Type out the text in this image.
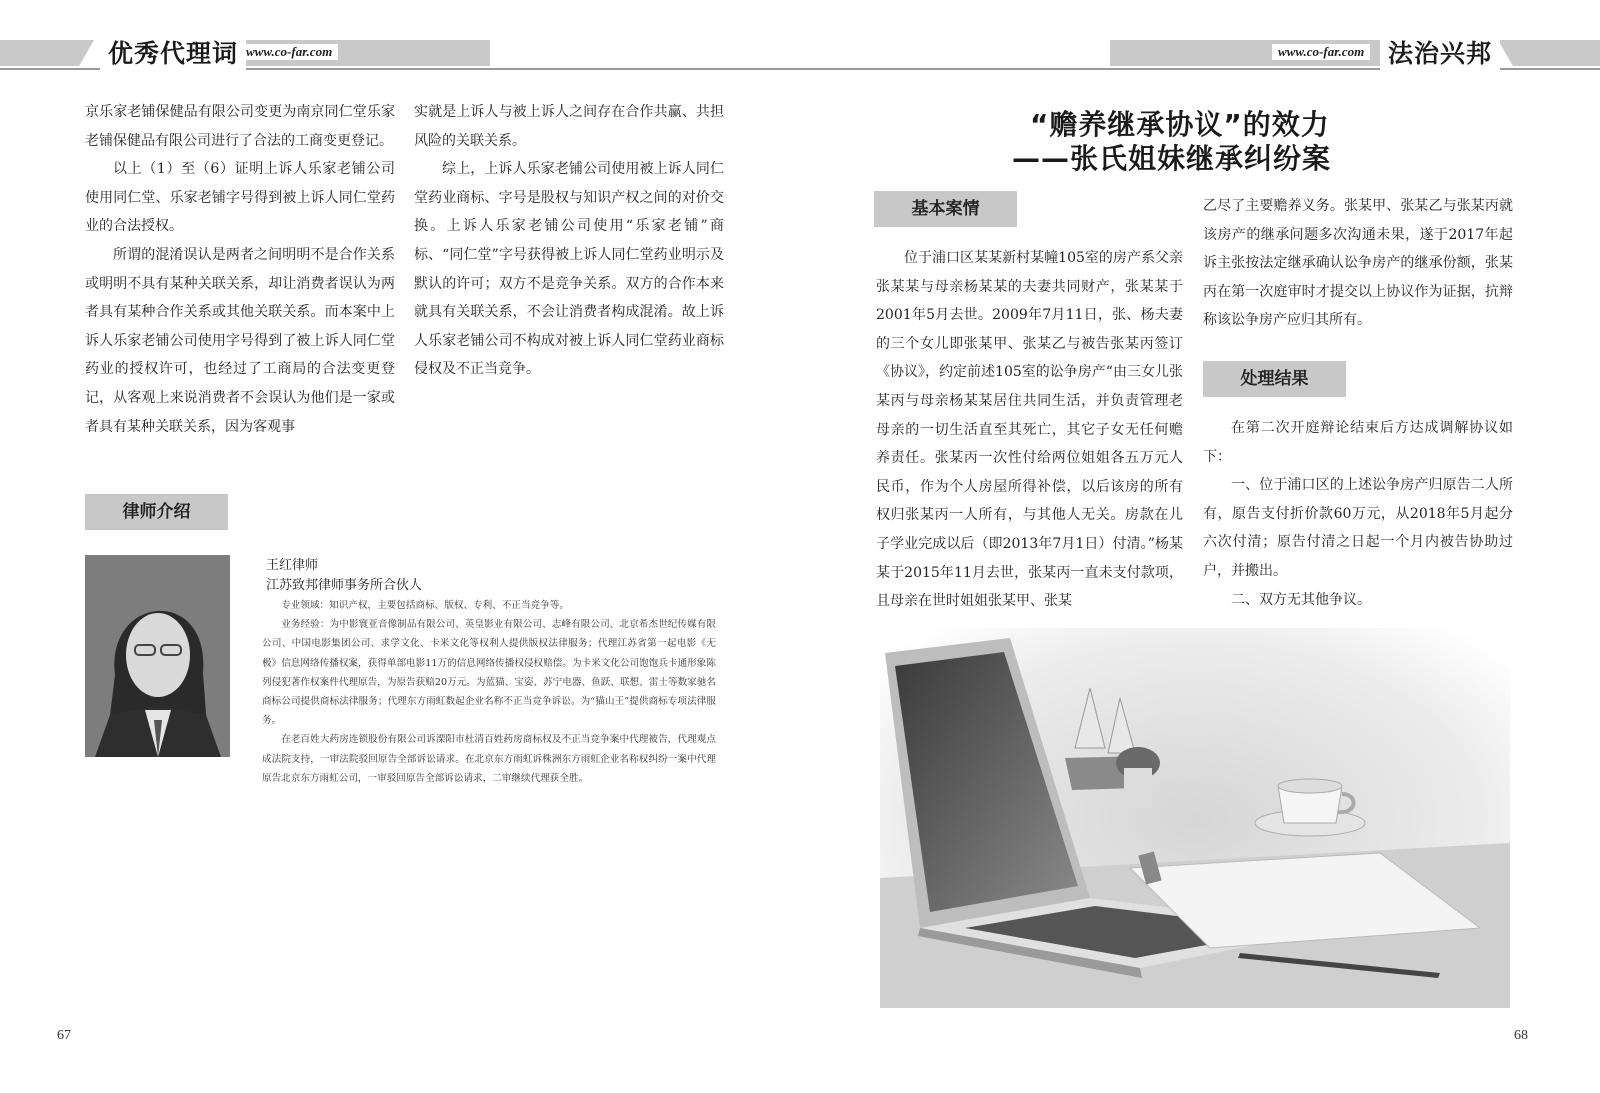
优秀代理词 www.co-far.com	www.co-far.com 法治兴邦

京乐家老铺保健品有限公司变更为南京同仁堂乐家老铺保健品有限公司进行了合法的工商变更登记。

以上（1）至（6）证明上诉人乐家老铺公司使用同仁堂、乐家老铺字号得到被上诉人同仁堂药业的合法授权。

所谓的混淆误认是两者之间明明不是合作关系或明明不具有某种关联关系，却让消费者误认为两者具有某种合作关系或其他关联关系。而本案中上诉人乐家老铺公司使用字号得到了被上诉人同仁堂药业的授权许可，也经过了工商局的合法变更登记，从客观上来说消费者不会误认为他们是一家或者具有某种关联关系，因为客观事

实就是上诉人与被上诉人之间存在合作共赢、共担风险的关联关系。

综上，上诉人乐家老铺公司使用被上诉人同仁堂药业商标、字号是股权与知识产权之间的对价交换。上诉人乐家老铺公司使用“乐家老铺”商标、“同仁堂”字号获得被上诉人同仁堂药业明示及默认的许可；双方不是竞争关系。双方的合作本来就具有关联关系，不会让消费者构成混淆。故上诉人乐家老铺公司不构成对被上诉人同仁堂药业商标侵权及不正当竞争。

律师介绍
王红律师
江苏致邦律师事务所合伙人

专业领域：知识产权，主要包括商标、版权、专利、不正当竞争等。

业务经验：为中影寰亚音像制品有限公司、英皇影业有限公司、志峰有限公司、北京希杰世纪传媒有限公司、中国电影集团公司、求学文化、卡米文化等权利人提供版权法律服务；代理江苏省第一起电影《无极》信息网络传播权案，获得单部电影11万的信息网络传播权侵权赔偿。为卡米文化公司饱饱兵卡通形象陈列侵犯著作权案件代理原告，为原告获赔20万元。为蓝猫、宝姿、苏宁电器、鱼跃、联想、雷士等数家驰名商标公司提供商标法律服务；代理东方雨虹数起企业名称不正当竞争诉讼。为“猫山王”提供商标专项法律服务。

在老百姓大药房连锁股份有限公司诉溧阳市杜清百姓药房商标权及不正当竞争案中代理被告，代理观点成法院支持，一审法院驳回原告全部诉讼请求。在北京东方雨虹诉株洲东方雨虹企业名称权纠纷一案中代理原告北京东方雨虹公司，一审驳回原告全部诉讼请求，二审继续代理获全胜。

67
“赡养继承协议”的效力
——张氏姐妹继承纠纷案
基本案情

位于浦口区某某新村某幢105室的房产系父亲张某某与母亲杨某某的夫妻共同财产，张某某于2001年5月去世。2009年7月11日，张、杨夫妻的三个女儿即张某甲、张某乙与被告张某丙签订《协议》，约定前述105室的讼争房产“由三女儿张某丙与母亲杨某某居住共同生活，并负责管理老母亲的一切生活直至其死亡，其它子女无任何赡养责任。张某丙一次性付给两位姐姐各五万元人民币，作为个人房屋所得补偿，以后该房的所有权归张某丙一人所有，与其他人无关。房款在儿子学业完成以后（即2013年7月1日）付清。”杨某某于2015年11月去世，张某丙一直未支付款项，且母亲在世时姐姐张某甲、张某

乙尽了主要赡养义务。张某甲、张某乙与张某丙就该房产的继承问题多次沟通未果，遂于2017年起诉主张按法定继承确认讼争房产的继承份额，张某丙在第一次庭审时才提交以上协议作为证据，抗辩称该讼争房产应归其所有。

处理结果

在第二次开庭辩论结束后方达成调解协议如下：

一、位于浦口区的上述讼争房产归原告二人所有，原告支付折价款60万元，从2018年5月起分六次付清；原告付清之日起一个月内被告协助过户，并搬出。

二、双方无其他争议。

68
